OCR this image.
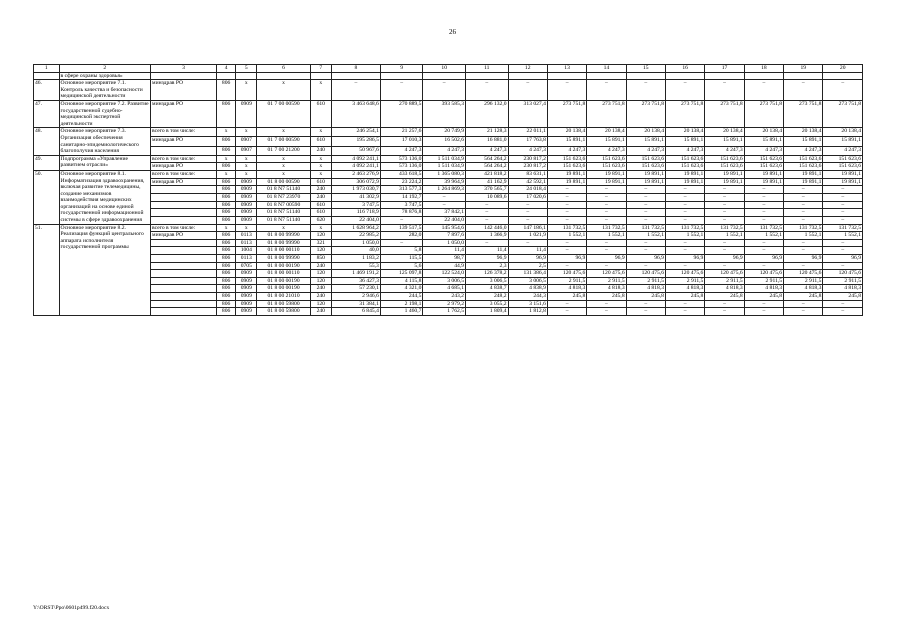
26
1	2	3	4	5	6	7	8	9	10	11	12	13	14	15	16	17	18	19	20
	в сфере охраны здоровья»																		
46.	Основное мероприятие 7.1. Контроль качества и безопасности медицинской деятельности	минздрав РО	806	x	x	x	–	–	–	–	–	–	–	–	–	–	–	–	–
47.	Основное мероприятие 7.2. Развитие государственной судебно-медицинской экспертной деятельности	минздрав РО	806	0909	01 7 00 00590	610	3 463 648,6	270 889,5	393 585,3	296 132,0	313 027,4	273 751,8	273 751,8	273 751,8	273 751,8	273 751,8	273 751,8	273 751,8	273 751,8
48.	Основное мероприятие 7.3. Организация обеспечения санитарно-эпидемиологического благополучия населения	всего в том числе:	x	x	x	x	246 254,1	21 257,6	20 749,9	21 128,3	22 011,1	20 138,4	20 138,4	20 138,4	20 138,4	20 138,4	20 138,4	20 138,4	20 138,4
		минздрав РО	806	0907	01 7 00 00590	610	195 286,5	17 010,3	16 502,6	16 881,0	17 763,8	15 891,1	15 891,1	15 891,1	15 891,1	15 891,1	15 891,1	15 891,1	15 891,1
			806	0907	01 7 00 21200	240	50 967,6	4 247,3	4 247,3	4 247,3	4 247,3	4 247,3	4 247,3	4 247,3	4 247,3	4 247,3	4 247,3	4 247,3	4 247,3
49.	Подпрограмма «Управление развитием отрасли»	всего в том числе:	x	x	x	x	4 092 241,1	573 136,0	1 511 034,9	564 264,2	230 817,2	151 623,6	151 623,6	151 623,6	151 623,6	151 623,6	151 623,6	151 623,6	151 623,6
		минздрав РО	806	x	x	x	4 092 241,1	573 136,0	1 511 034,9	564 264,2	230 817,2	151 623,6	151 623,6	151 623,6	151 623,6	151 623,6	151 623,6	151 623,6	151 623,6
50.	Основное мероприятие 8.1. Информатизация здравоохранения, включая развитие телемедицины, создание механизмов взаимодействия медицинских организаций на основе единой государственной информационной системы в сфере здравоохранения	всего в том числе:	x	x	x	x	2 463 276,9	433 618,5	1 365 080,3	421 818,2	83 631,1	19 891,1	19 891,1	19 891,1	19 891,1	19 891,1	19 891,1	19 891,1	19 891,1
		минздрав РО	806	0909	01 8 00 00590	610	306 072,9	23 224,2	39 964,9	41 162,9	42 592,1	19 891,1	19 891,1	19 891,1	19 891,1	19 891,1	19 891,1	19 891,1	19 891,1
			806	0909	01 8 N7 51140	240	1 973 030,7	313 577,3	1 264 869,3	370 565,7	24 018,4	–	–	–	–	–	–	–	–
			806	0909	01 8 N7 23970	240	41 302,9	14 192,7	–	10 089,6	17 020,6	–	–	–	–	–	–	–	–
			806	0909	01 8 N7 00590	610	3 747,5	3 747,5	–	–	–	–	–	–	–	–	–	–	–
			806	0909	01 8 N7 51140	610	116 718,9	78 876,8	37 842,1	–	–	–	–	–	–	–	–	–	–
			806	0909	01 8 N7 51140	620	22 404,0	–	22 404,0	–	–	–	–	–	–	–	–	–	–
51.	Основное мероприятие 8.2. Реализация функций центрального аппарата исполнителя государственной программы	всего в том числе:	x	x	x	x	1 628 964,2	139 517,5	145 954,6	142 446,0	147 186,1	131 732,5	131 732,5	131 732,5	131 732,5	131 732,5	131 732,5	131 732,5	131 732,5
		минздрав РО	806	0113	01 8 00 99990	120	22 985,2	282,0	7 897,6	1 366,9	1 021,9	1 552,1	1 552,1	1 552,1	1 552,1	1 552,1	1 552,1	1 552,1	1 552,1
			806	0113	01 8 00 99990	321	1 050,0	–	1 050,0	–	–	–	–	–	–	–	–	–	–
			806	1004	01 8 00 00110	120	40,0	5,8	11,4	11,4	11,4	–	–	–	–	–	–	–	–
			806	0113	01 8 00 99990	850	1 183,2	115,5	98,7	96,9	96,9	96,9	96,9	96,9	96,9	96,9	96,9	96,9	96,9
			806	0705	01 8 00 00190	240	55,3	5,6	44,9	2,3	2,5	–	–	–	–	–	–	–	–
			806	0909	01 8 00 00110	120	1 469 191,2	125 097,8	122 524,0	126 378,2	131 386,4	120 475,6	120 475,6	120 475,6	120 475,6	120 475,6	120 475,6	120 475,6	120 475,6
			806	0909	01 8 00 00190	120	36 427,3	4 115,8	3 006,5	3 006,5	3 006,5	2 911,5	2 911,5	2 911,5	2 911,5	2 911,5	2 911,5	2 911,5	2 911,5
			806	0909	01 8 00 00190	240	57 230,1	4 321,0	4 685,1	4 838,7	4 838,9	4 818,3	4 818,3	4 818,3	4 818,3	4 818,3	4 818,3	4 818,3	4 818,3
			806	0909	01 8 00 21010	240	2 946,6	244,5	243,2	248,2	244,3	245,8	245,8	245,8	245,8	245,8	245,8	245,8	245,8
			806	0909	01 8 00 59800	120	31 384,1	2 198,1	2 979,2	3 055,2	3 151,6	–	–	–	–	–	–	–	–
			806	0909	01 8 00 59800	240	6 845,4	1 460,7	1 762,5	1 809,4	1 812,8	–	–	–	–	–	–	–	–
Y:\ORST\Ppo\0601p499.f20.docx
